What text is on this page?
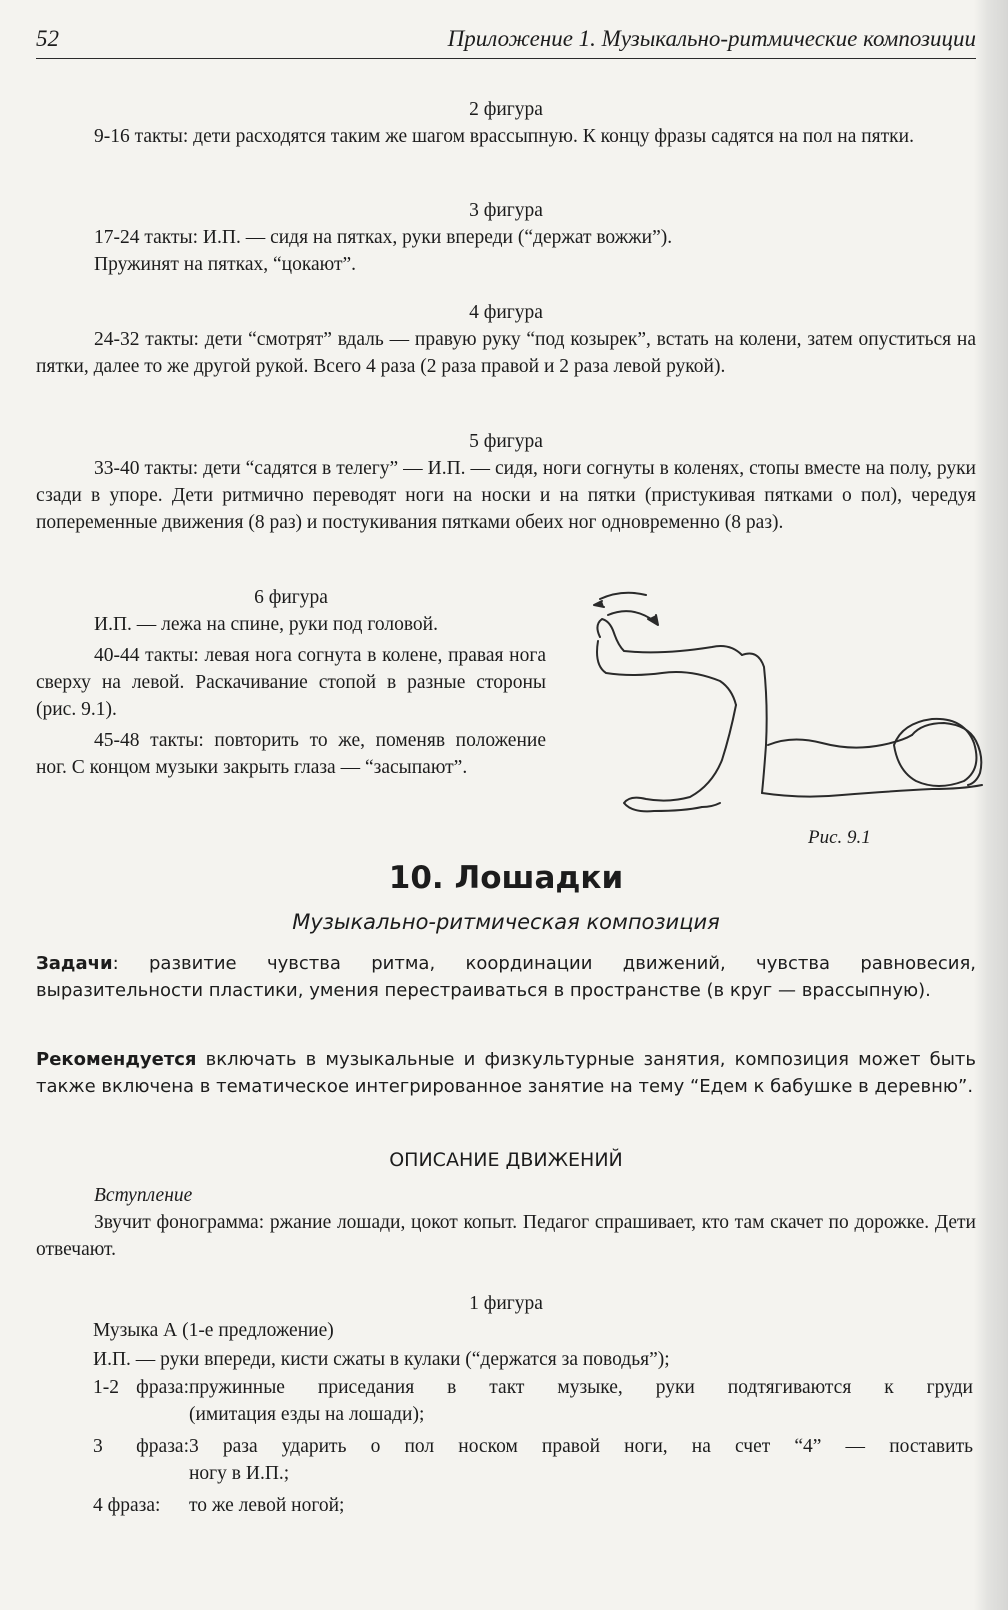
52	Приложение 1. Музыкально-ритмические композиции

2 фигура

9-16 такты: дети расходятся таким же шагом врассыпную. К концу фразы садятся на пол на пятки.

3 фигура

17-24 такты: И.П. — сидя на пятках, руки впереди (“держат вожжи”).

Пружинят на пятках, “цокают”.

4 фигура

24-32 такты: дети “смотрят” вдаль — правую руку “под козырек”, встать на колени, затем опуститься на пятки, далее то же другой рукой. Всего 4 раза (2 раза правой и 2 раза левой рукой).

5 фигура

33-40 такты: дети “садятся в телегу” — И.П. — сидя, ноги согнуты в коленях, стопы вместе на полу, руки сзади в упоре. Дети ритмично переводят ноги на носки и на пятки (пристукивая пятками о пол), чередуя попеременные движения (8 раз) и постукивания пятками обеих ног одновременно (8 раз).

6 фигура

И.П. — лежа на спине, руки под головой.

40-44 такты: левая нога согнута в колене, правая нога сверху на левой. Раскачивание стопой в разные стороны (рис. 9.1).

45-48 такты: повторить то же, поменяв положение ног. С концом музыки закрыть глаза — “засыпают”.

Рис. 9.1
10. Лошадки
Музыкально-ритмическая композиция

Задачи: развитие чувства ритма, координации движений, чувства равновесия, выразительности пластики, умения перестраиваться в пространстве (в круг — врассыпную).

Рекомендуется включать в музыкальные и физкультурные занятия, композиция может быть также включена в тематическое интегрированное занятие на тему “Едем к бабушке в деревню”.

ОПИСАНИЕ ДВИЖЕНИЙ

Вступление

Звучит фонограмма: ржание лошади, цокот копыт. Педагог спрашивает, кто там скачет по дорожке. Дети отвечают.

1 фигура

Музыка А (1-е предложение)

И.П. — руки впереди, кисти сжаты в кулаки (“держатся за поводья”);

1-2 фраза:пружинные приседания в такт музыке, руки подтягиваются к груди

(имитация езды на лошади);

3 фраза:3 раза ударить о пол носком правой ноги, на счет “4” — поставить

ногу в И.П.;

4 фраза: то же левой ногой;
